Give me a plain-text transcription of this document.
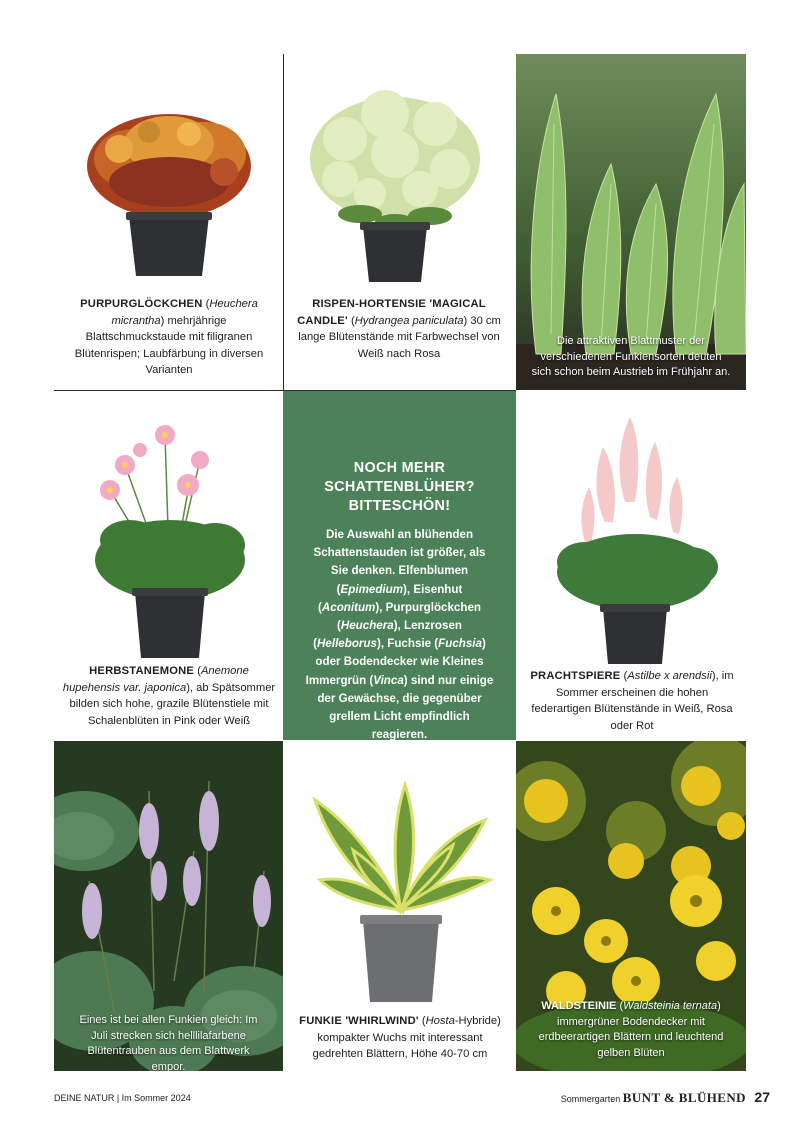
PURPURGLÖCKCHEN (Heuchera micrantha) mehrjährige Blattschmuckstaude mit filigranen Blütenrispen; Laubfärbung in diversen Varianten
RISPEN-HORTENSIE 'MAGICAL CANDLE' (Hydrangea paniculata) 30 cm lange Blütenstände mit Farbwechsel von Weiß nach Rosa
Die attraktiven Blattmuster der verschiedenen Funkiensorten deuten sich schon beim Austrieb im Frühjahr an.
HERBSTANEMONE (Anemone hupehensis var. japonica), ab Spätsommer bilden sich hohe, grazile Blütenstiele mit Schalenblüten in Pink oder Weiß

NOCH MEHR SCHATTENBLÜHER? BITTESCHÖN!

Die Auswahl an blühenden Schattenstauden ist größer, als Sie denken. Elfenblumen (Epimedium), Eisenhut (Aconitum), Purpurglöckchen (Heuchera), Lenzrosen (Helleborus), Fuchsie (Fuchsia) oder Bodendecker wie Kleines Immergrün (Vinca) sind nur einige der Gewächse, die gegenüber grellem Licht empfindlich reagieren.
PRACHTSPIERE (Astilbe x arendsii), im Sommer erscheinen die hohen federartigen Blütenstände in Weiß, Rosa oder Rot
Eines ist bei allen Funkien gleich: Im Juli strecken sich helllilafarbene Blütentrauben aus dem Blattwerk empor.
FUNKIE 'WHIRLWIND' (Hosta-Hybride) kompakter Wuchs mit interessant gedrehten Blättern, Höhe 40-70 cm
WALDSTEINIE (Waldsteinia ternata) immergrüner Bodendecker mit erdbeerartigen Blättern und leuchtend gelben Blüten
DEINE NATUR | Im Sommer 2024	Sommergarten BUNT & BLÜHEND 27
